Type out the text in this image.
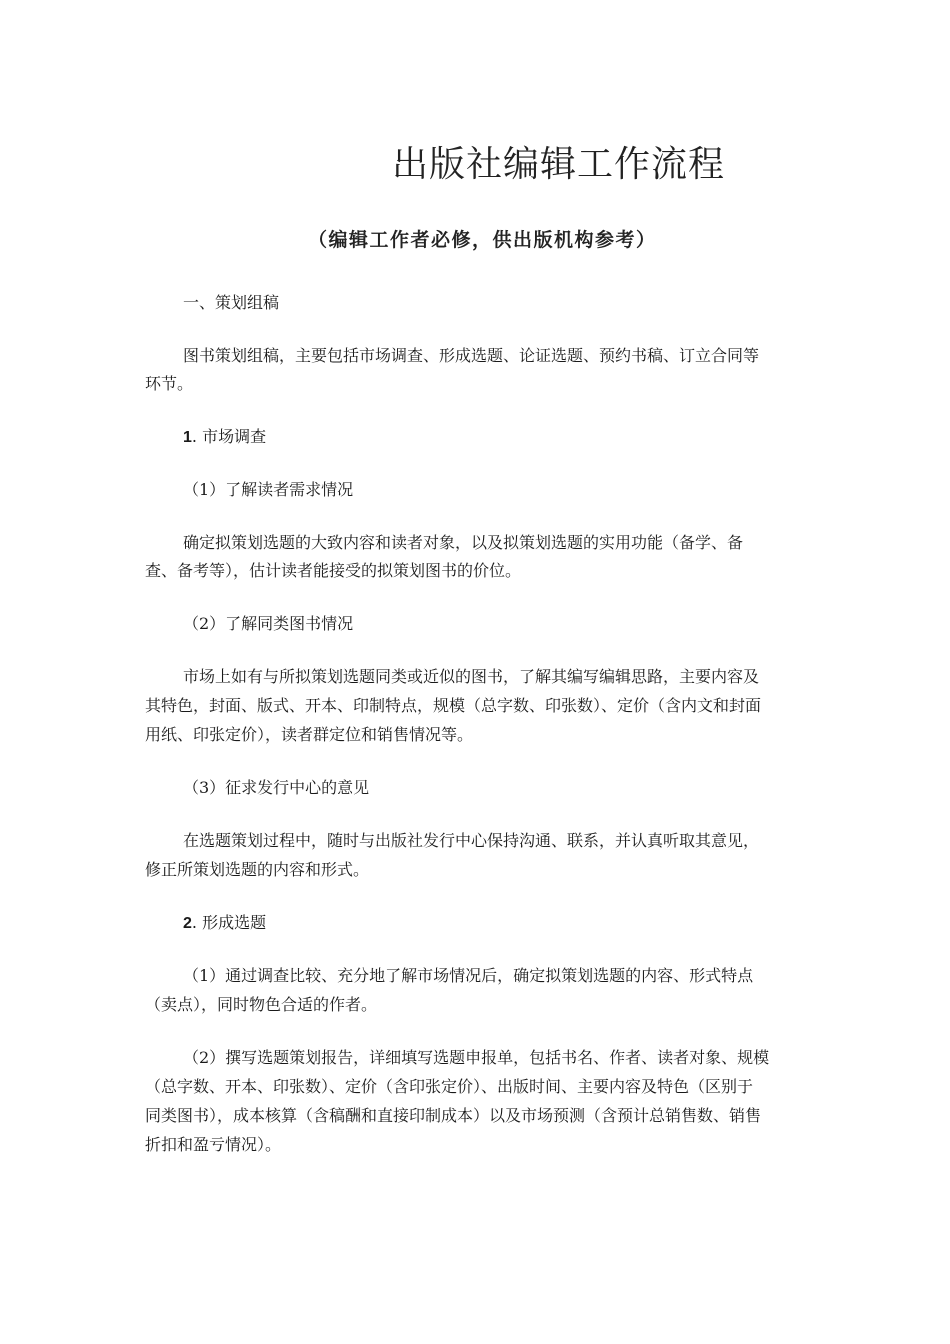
出版社编辑工作流程
（编辑工作者必修，供出版机构参考）
一、策划组稿
图书策划组稿，主要包括市场调查、形成选题、论证选题、预约书稿、订立合同等
环节。
1. 市场调查
（1）了解读者需求情况
确定拟策划选题的大致内容和读者对象，以及拟策划选题的实用功能（备学、备
查、备考等），估计读者能接受的拟策划图书的价位。
（2）了解同类图书情况
市场上如有与所拟策划选题同类或近似的图书，了解其编写编辑思路，主要内容及
其特色，封面、版式、开本、印制特点，规模（总字数、印张数）、定价（含内文和封面
用纸、印张定价），读者群定位和销售情况等。
（3）征求发行中心的意见
在选题策划过程中，随时与出版社发行中心保持沟通、联系，并认真听取其意见，
修正所策划选题的内容和形式。
2. 形成选题
（1）通过调查比较、充分地了解市场情况后，确定拟策划选题的内容、形式特点
（卖点），同时物色合适的作者。
（2）撰写选题策划报告，详细填写选题申报单，包括书名、作者、读者对象、规模
（总字数、开本、印张数）、定价（含印张定价）、出版时间、主要内容及特色（区别于
同类图书），成本核算（含稿酬和直接印制成本）以及市场预测（含预计总销售数、销售
折扣和盈亏情况）。
